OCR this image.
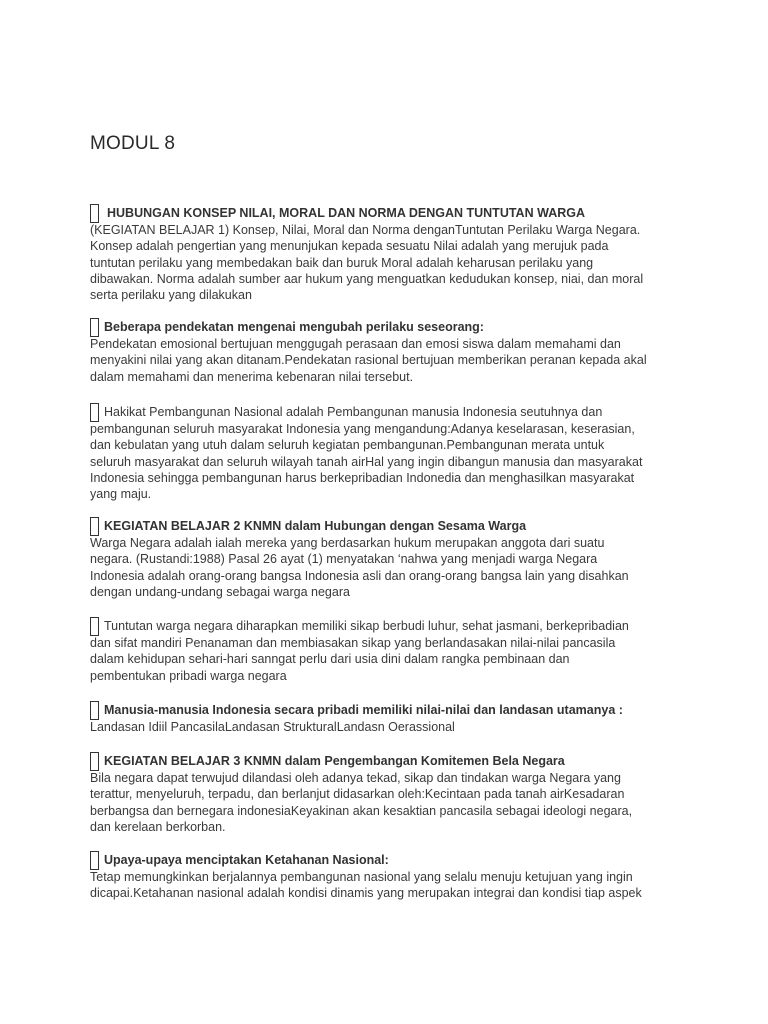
MODUL 8
HUBUNGAN KONSEP NILAI, MORAL DAN NORMA DENGAN TUNTUTAN WARGA

(KEGIATAN BELAJAR 1) Konsep, Nilai, Moral dan Norma denganTuntutan Perilaku Warga Negara.
Konsep adalah pengertian yang menunjukan kepada sesuatu Nilai adalah yang merujuk pada
tuntutan perilaku yang membedakan baik dan buruk Moral adalah keharusan perilaku yang
dibawakan. Norma adalah sumber aar hukum yang menguatkan kedudukan konsep, niai, dan moral
serta perilaku yang dilakukan

Beberapa pendekatan mengenai mengubah perilaku seseorang:

Pendekatan emosional bertujuan menggugah perasaan dan emosi siswa dalam memahami dan
menyakini nilai yang akan ditanam.Pendekatan rasional bertujuan memberikan peranan kepada akal
dalam memahami dan menerima kebenaran nilai tersebut.

Hakikat Pembangunan Nasional adalah Pembangunan manusia Indonesia seutuhnya dan

pembangunan seluruh masyarakat Indonesia yang mengandung:Adanya keselarasan, keserasian,
dan kebulatan yang utuh dalam seluruh kegiatan pembangunan.Pembangunan merata untuk
seluruh masyarakat dan seluruh wilayah tanah airHal yang ingin dibangun manusia dan masyarakat
Indonesia sehingga pembangunan harus berkepribadian Indonedia dan menghasilkan masyarakat
yang maju.

KEGIATAN BELAJAR 2 KNMN dalam Hubungan dengan Sesama Warga

Warga Negara adalah ialah mereka yang berdasarkan hukum merupakan anggota dari suatu
negara. (Rustandi:1988) Pasal 26 ayat (1) menyatakan ‘nahwa yang menjadi warga Negara
Indonesia adalah orang-orang bangsa Indonesia asli dan orang-orang bangsa lain yang disahkan
dengan undang-undang sebagai warga negara

Tuntutan warga negara diharapkan memiliki sikap berbudi luhur, sehat jasmani, berkepribadian

dan sifat mandiri Penanaman dan membiasakan sikap yang berlandasakan nilai-nilai pancasila
dalam kehidupan sehari-hari sanngat perlu dari usia dini dalam rangka pembinaan dan
pembentukan pribadi warga negara

Manusia-manusia Indonesia secara pribadi memiliki nilai-nilai dan landasan utamanya :

Landasan Idiil PancasilaLandasan StrukturalLandasn Oerassional

KEGIATAN BELAJAR 3 KNMN dalam Pengembangan Komitemen Bela Negara

Bila negara dapat terwujud dilandasi oleh adanya tekad, sikap dan tindakan warga Negara yang
terattur, menyeluruh, terpadu, dan berlanjut didasarkan oleh:Kecintaan pada tanah airKesadaran
berbangsa dan bernegara indonesiaKeyakinan akan kesaktian pancasila sebagai ideologi negara,
dan kerelaan berkorban.

Upaya-upaya menciptakan Ketahanan Nasional:

Tetap memungkinkan berjalannya pembangunan nasional yang selalu menuju ketujuan yang ingin
dicapai.Ketahanan nasional adalah kondisi dinamis yang merupakan integrai dan kondisi tiap aspek
